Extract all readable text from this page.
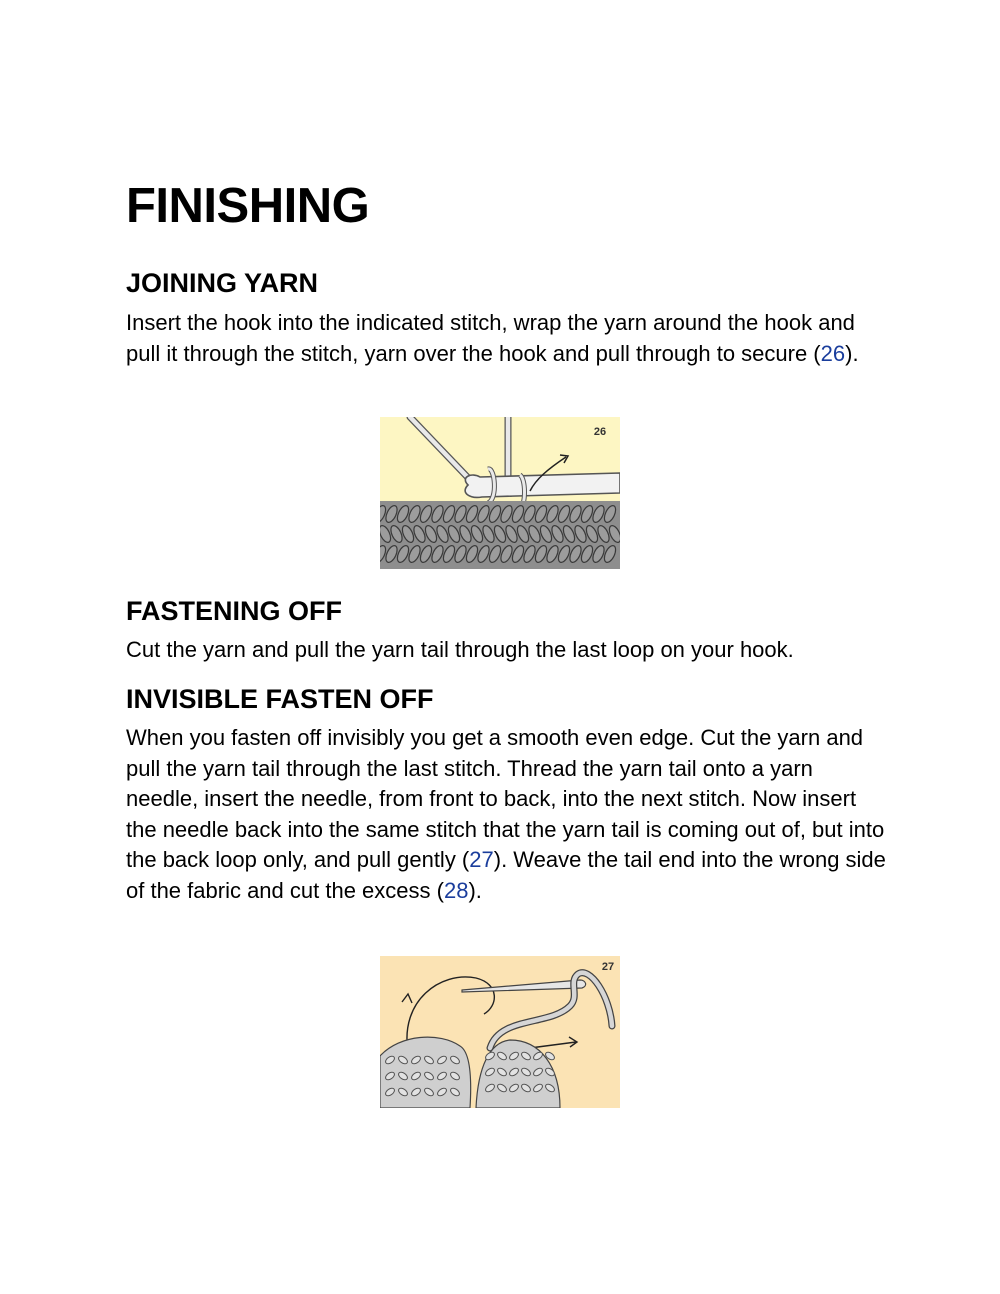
FINISHING
JOINING YARN

Insert the hook into the indicated stitch, wrap the yarn around the hook and pull it through the stitch, yarn over the hook and pull through to secure (26).

FASTENING OFF

Cut the yarn and pull the yarn tail through the last loop on your hook.

INVISIBLE FASTEN OFF

When you fasten off invisibly you get a smooth even edge. Cut the yarn and pull the yarn tail through the last stitch. Thread the yarn tail onto a yarn needle, insert the needle, from front to back, into the next stitch. Now insert the needle back into the same stitch that the yarn tail is coming out of, but into the back loop only, and pull gently (27). Weave the tail end into the wrong side of the fabric and cut the excess (28).

26
27
